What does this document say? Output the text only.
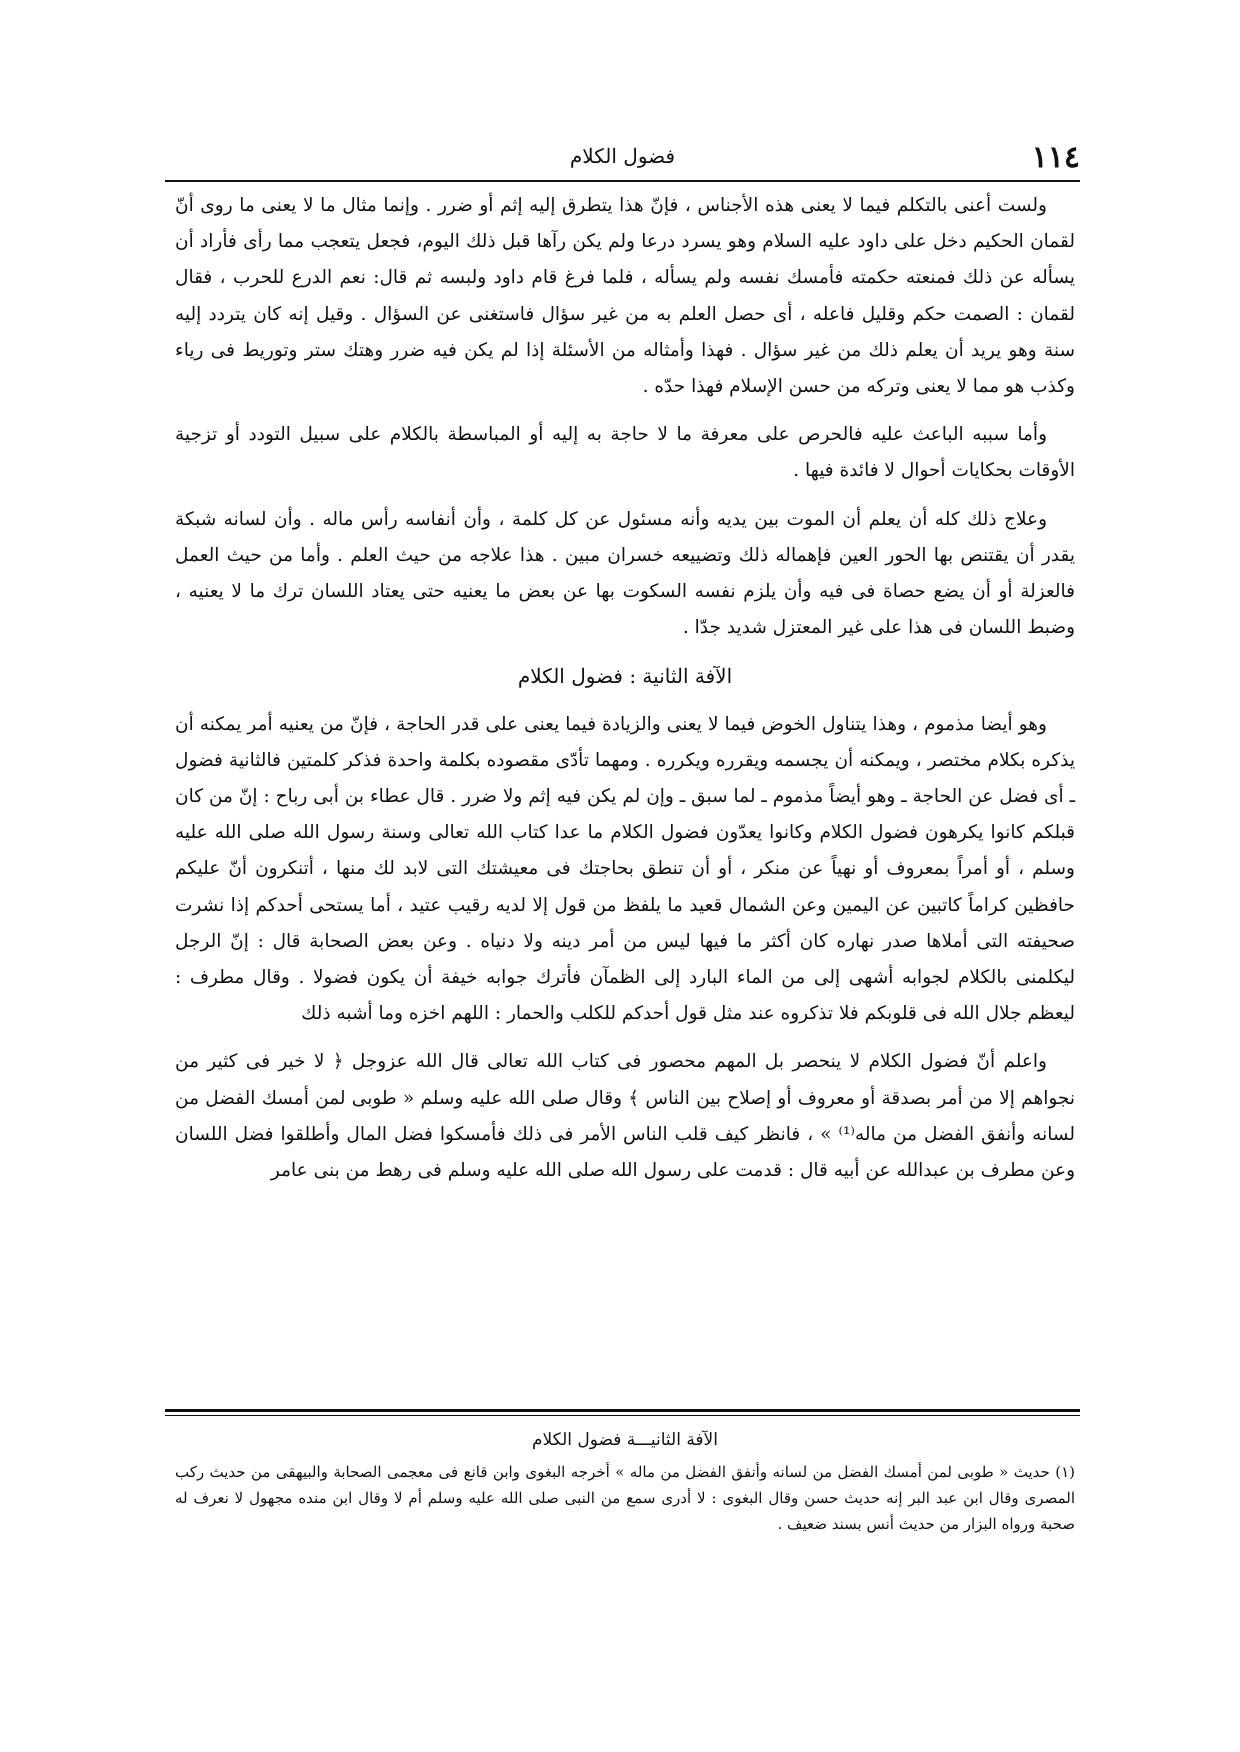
١١٤
فضول الكلام

ولست أعنى بالتكلم فيما لا يعنى هذه الأجناس ، فإنّ هذا يتطرق إليه إثم أو ضرر . وإنما مثال ما لا يعنى ما روى أنّ لقمان الحكيم دخل على داود عليه السلام وهو يسرد درعا ولم يكن رآها قبل ذلك اليوم، فجعل يتعجب مما رأى فأراد أن يسأله عن ذلك فمنعته حكمته فأمسك نفسه ولم يسأله ، فلما فرغ قام داود ولبسه ثم قال: نعم الدرع للحرب ، فقال لقمان : الصمت حكم وقليل فاعله ، أى حصل العلم به من غير سؤال فاستغنى عن السؤال . وقيل إنه كان يتردد إليه سنة وهو يريد أن يعلم ذلك من غير سؤال . فهذا وأمثاله من الأسئلة إذا لم يكن فيه ضرر وهتك ستر وتوريط فى رياء وكذب هو مما لا يعنى وتركه من حسن الإسلام فهذا حدّه .

وأما سببه الباعث عليه فالحرص على معرفة ما لا حاجة به إليه أو المباسطة بالكلام على سبيل التودد أو تزجية الأوقات بحكايات أحوال لا فائدة فيها .

وعلاج ذلك كله أن يعلم أن الموت بين يديه وأنه مسئول عن كل كلمة ، وأن أنفاسه رأس ماله . وأن لسانه شبكة يقدر أن يقتنص بها الحور العين فإهماله ذلك وتضييعه خسران مبين . هذا علاجه من حيث العلم . وأما من حيث العمل فالعزلة أو أن يضع حصاة فى فيه وأن يلزم نفسه السكوت بها عن بعض ما يعنيه حتى يعتاد اللسان ترك ما لا يعنيه ، وضبط اللسان فى هذا على غير المعتزل شديد جدّا .

الآفة الثانية : فضول الكلام

وهو أيضا مذموم ، وهذا يتناول الخوض فيما لا يعنى والزيادة فيما يعنى على قدر الحاجة ، فإنّ من يعنيه أمر يمكنه أن يذكره بكلام مختصر ، ويمكنه أن يجسمه ويقرره ويكرره . ومهما تأدّى مقصوده بكلمة واحدة فذكر كلمتين فالثانية فضول ـ أى فضل عن الحاجة ـ وهو أيضاً مذموم ـ لما سبق ـ وإن لم يكن فيه إثم ولا ضرر . قال عطاء بن أبى رباح : إنّ من كان قبلكم كانوا يكرهون فضول الكلام وكانوا يعدّون فضول الكلام ما عدا كتاب الله تعالى وسنة رسول الله صلى الله عليه وسلم ، أو أمراً بمعروف أو نهياً عن منكر ، أو أن تنطق بحاجتك فى معيشتك التى لابد لك منها ، أتنكرون أنّ عليكم حافظين كراماً كاتبين عن اليمين وعن الشمال قعيد ما يلفظ من قول إلا لديه رقيب عتيد ، أما يستحى أحدكم إذا نشرت صحيفته التى أملاها صدر نهاره كان أكثر ما فيها ليس من أمر دينه ولا دنياه . وعن بعض الصحابة قال : إنّ الرجل ليكلمنى بالكلام لجوابه أشهى إلى من الماء البارد إلى الظمآن فأترك جوابه خيفة أن يكون فضولا . وقال مطرف : ليعظم جلال الله فى قلوبكم فلا تذكروه عند مثل قول أحدكم للكلب والحمار : اللهم اخزه وما أشبه ذلك

واعلم أنّ فضول الكلام لا ينحصر بل المهم محصور فى كتاب الله تعالى قال الله عزوجل ﴿ لا خير فى كثير من نجواهم إلا من أمر بصدقة أو معروف أو إصلاح بين الناس ﴾ وقال صلى الله عليه وسلم « طوبى لمن أمسك الفضل من لسانه وأنفق الفضل من ماله⁽¹⁾ » ، فانظر كيف قلب الناس الأمر فى ذلك فأمسكوا فضل المال وأطلقوا فضل اللسان وعن مطرف بن عبدالله عن أبيه قال : قدمت على رسول الله صلى الله عليه وسلم فى رهط من بنى عامر

الآفة الثانيـــة فضول الكلام

(١) حديث « طوبى لمن أمسك الفضل من لسانه وأنفق الفضل من ماله » أخرجه البغوى وابن قانع فى معجمى الصحابة والبيهقى من حديث ركب المصرى وقال ابن عبد البر إنه حديث حسن وقال البغوى : لا أدرى سمع من النبى صلى الله عليه وسلم أم لا وقال ابن منده مجهول لا نعرف له صحبة ورواه البزار من حديث أنس بسند ضعيف .
